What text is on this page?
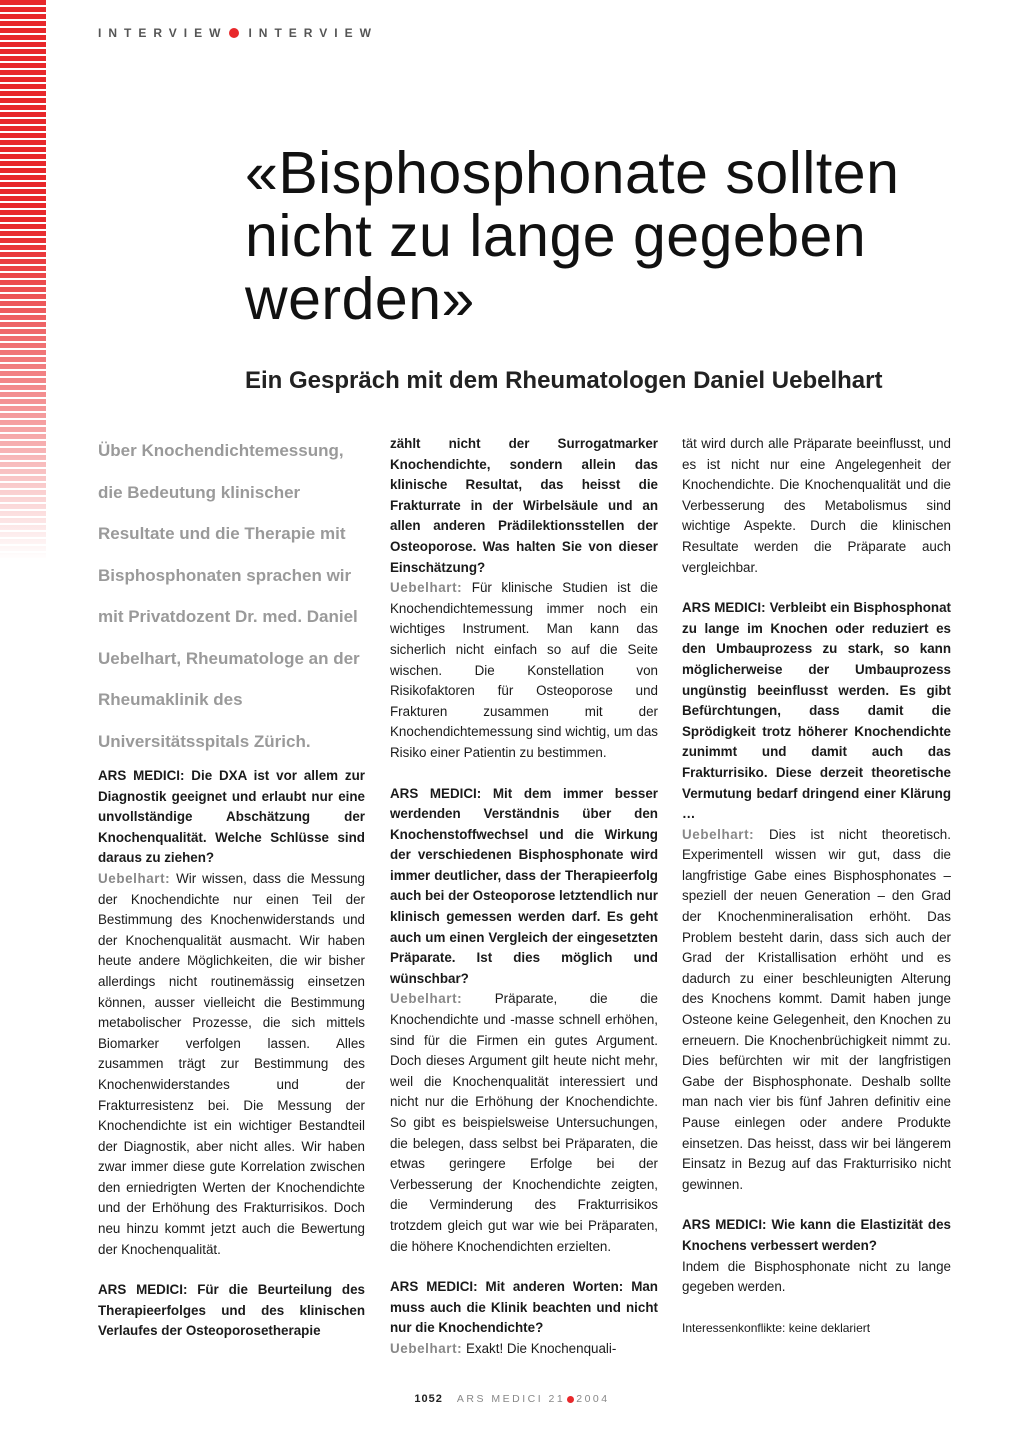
INTERVIEW INTERVIEW
«Bisphosphonate sollten nicht zu lange gegeben werden»
Ein Gespräch mit dem Rheumatologen Daniel Uebelhart

Über Knochendichtemessung, die Bedeutung klinischer Resultate und die Therapie mit Bisphosphonaten sprachen wir mit Privatdozent Dr. med. Daniel Uebelhart, Rheumatologe an der Rheumaklinik des Universitätsspitals Zürich.

ARS MEDICI: Die DXA ist vor allem zur Diagnostik geeignet und erlaubt nur eine unvollständige Abschätzung der Knochenqualität. Welche Schlüsse sind daraus zu ziehen?

Uebelhart: Wir wissen, dass die Messung der Knochendichte nur einen Teil der Bestimmung des Knochenwiderstands und der Knochenqualität ausmacht. Wir haben heute andere Möglichkeiten, die wir bisher allerdings nicht routinemässig einsetzen können, ausser vielleicht die Bestimmung metabolischer Prozesse, die sich mittels Biomarker verfolgen lassen. Alles zusammen trägt zur Bestimmung des Knochenwiderstandes und der Frakturresistenz bei. Die Messung der Knochendichte ist ein wichtiger Bestandteil der Diagnostik, aber nicht alles. Wir haben zwar immer diese gute Korrelation zwischen den erniedrigten Werten der Knochendichte und der Erhöhung des Frakturrisikos. Doch neu hinzu kommt jetzt auch die Bewertung der Knochenqualität.

ARS MEDICI: Für die Beurteilung des Therapieerfolges und des klinischen Verlaufes der Osteoporosetherapie

zählt nicht der Surrogatmarker Knochendichte, sondern allein das klinische Resultat, das heisst die Frakturrate in der Wirbelsäule und an allen anderen Prädilektionsstellen der Osteoporose. Was halten Sie von dieser Einschätzung?

Uebelhart: Für klinische Studien ist die Knochendichtemessung immer noch ein wichtiges Instrument. Man kann das sicherlich nicht einfach so auf die Seite wischen. Die Konstellation von Risikofaktoren für Osteoporose und Frakturen zusammen mit der Knochendichtemessung sind wichtig, um das Risiko einer Patientin zu bestimmen.

ARS MEDICI: Mit dem immer besser werdenden Verständnis über den Knochenstoffwechsel und die Wirkung der verschiedenen Bisphosphonate wird immer deutlicher, dass der Therapieerfolg auch bei der Osteoporose letztendlich nur klinisch gemessen werden darf. Es geht auch um einen Vergleich der eingesetzten Präparate. Ist dies möglich und wünschbar?

Uebelhart: Präparate, die die Knochendichte und -masse schnell erhöhen, sind für die Firmen ein gutes Argument. Doch dieses Argument gilt heute nicht mehr, weil die Knochenqualität interessiert und nicht nur die Erhöhung der Knochendichte. So gibt es beispielsweise Untersuchungen, die belegen, dass selbst bei Präparaten, die etwas geringere Erfolge bei der Verbesserung der Knochendichte zeigten, die Verminderung des Frakturrisikos trotzdem gleich gut war wie bei Präparaten, die höhere Knochendichten erzielten.

ARS MEDICI: Mit anderen Worten: Man muss auch die Klinik beachten und nicht nur die Knochendichte?

Uebelhart: Exakt! Die Knochenquali-

tät wird durch alle Präparate beeinflusst, und es ist nicht nur eine Angelegenheit der Knochendichte. Die Knochenqualität und die Verbesserung des Metabolismus sind wichtige Aspekte. Durch die klinischen Resultate werden die Präparate auch vergleichbar.

ARS MEDICI: Verbleibt ein Bisphosphonat zu lange im Knochen oder reduziert es den Umbauprozess zu stark, so kann möglicherweise der Umbauprozess ungünstig beeinflusst werden. Es gibt Befürchtungen, dass damit die Sprödigkeit trotz höherer Knochendichte zunimmt und damit auch das Frakturrisiko. Diese derzeit theoretische Vermutung bedarf dringend einer Klärung …

Uebelhart: Dies ist nicht theoretisch. Experimentell wissen wir gut, dass die langfristige Gabe eines Bisphosphonates – speziell der neuen Generation – den Grad der Knochenmineralisation erhöht. Das Problem besteht darin, dass sich auch der Grad der Kristallisation erhöht und es dadurch zu einer beschleunigten Alterung des Knochens kommt. Damit haben junge Osteone keine Gelegenheit, den Knochen zu erneuern. Die Knochenbrüchigkeit nimmt zu. Dies befürchten wir mit der langfristigen Gabe der Bisphosphonate. Deshalb sollte man nach vier bis fünf Jahren definitiv eine Pause einlegen oder andere Produkte einsetzen. Das heisst, dass wir bei längerem Einsatz in Bezug auf das Frakturrisiko nicht gewinnen.

ARS MEDICI: Wie kann die Elastizität des Knochens verbessert werden?

Indem die Bisphosphonate nicht zu lange gegeben werden.

Interessenkonflikte: keine deklariert

1052 ARS MEDICI 21 2004
